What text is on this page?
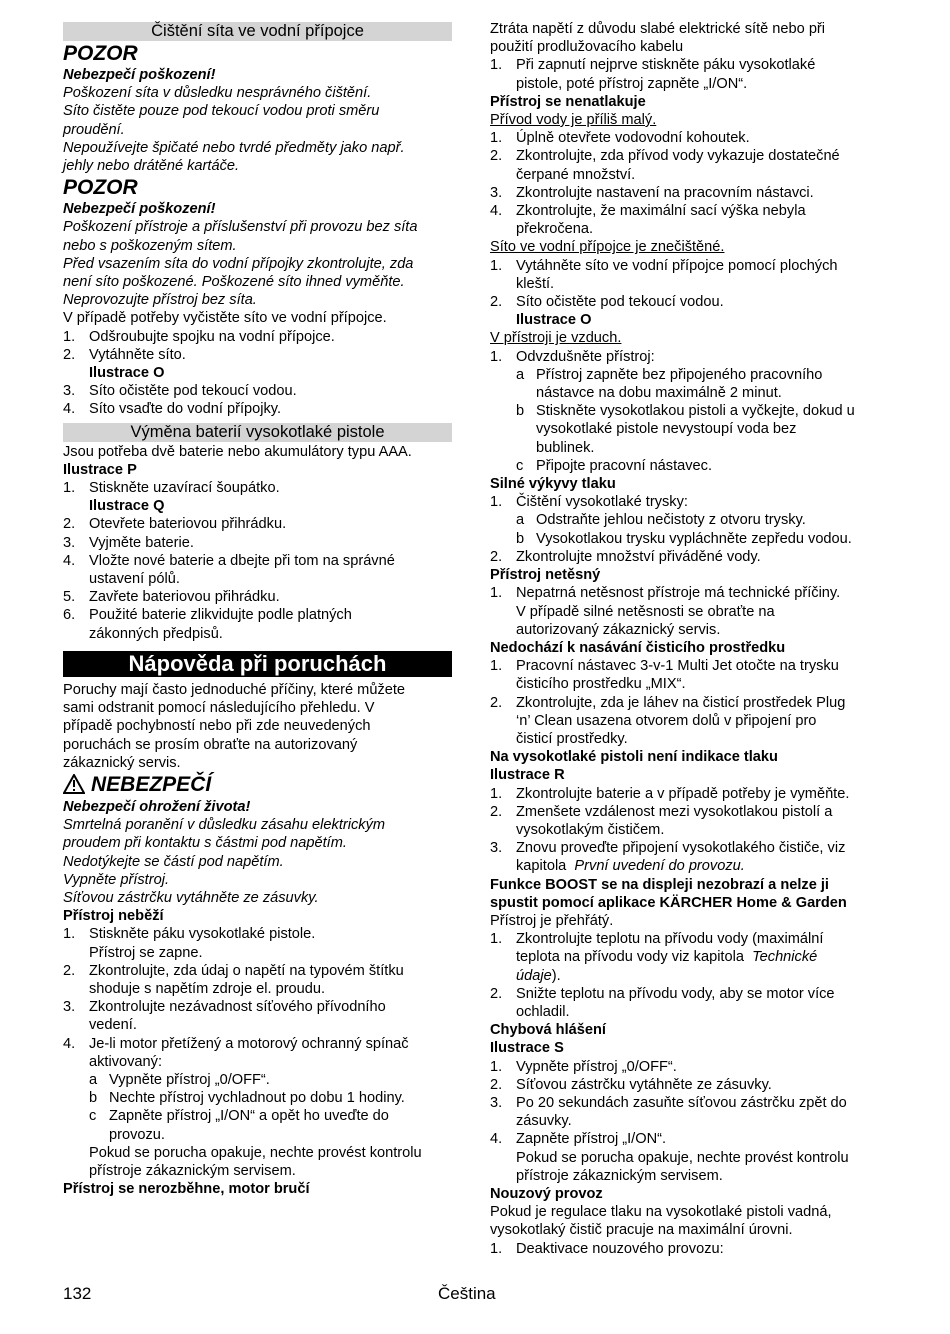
Čištění síta ve vodní přípojce
POZOR
Nebezpečí poškození!
Poškození síta v důsledku nesprávného čištění.
Síto čistěte pouze pod tekoucí vodou proti směru
proudění.
Nepoužívejte špičaté nebo tvrdé předměty jako např.
jehly nebo drátěné kartáče.
POZOR
Nebezpečí poškození!
Poškození přístroje a příslušenství při provozu bez síta
nebo s poškozeným sítem.
Před vsazením síta do vodní přípojky zkontrolujte, zda
není síto poškozené. Poškozené síto ihned vyměňte.
Neprovozujte přístroj bez síta.
V případě potřeby vyčistěte síto ve vodní přípojce.
1. Odšroubujte spojku na vodní přípojce.
2. Vytáhněte síto.
Ilustrace O
3. Síto očistěte pod tekoucí vodou.
4. Síto vsaďte do vodní přípojky.
Výměna baterií vysokotlaké pistole
Jsou potřeba dvě baterie nebo akumulátory typu AAA.
Ilustrace P
1. Stiskněte uzavírací šoupátko.
Ilustrace Q
2. Otevřete bateriovou přihrádku.
3. Vyjměte baterie.
4. Vložte nové baterie a dbejte při tom na správné
ustavení pólů.
5. Zavřete bateriovou přihrádku.
6. Použité baterie zlikvidujte podle platných
zákonných předpisů.
Nápověda při poruchách
Poruchy mají často jednoduché příčiny, které můžete
sami odstranit pomocí následujícího přehledu. V
případě pochybností nebo při zde neuvedených
poruchách se prosím obraťte na autorizovaný
zákaznický servis.
NEBEZPEČÍ
Nebezpečí ohrožení života!
Smrtelná poranění v důsledku zásahu elektrickým
proudem při kontaktu s částmi pod napětím.
Nedotýkejte se částí pod napětím.
Vypněte přístroj.
Síťovou zástrčku vytáhněte ze zásuvky.
Přístroj neběží
1. Stiskněte páku vysokotlaké pistole.
Přístroj se zapne.
2. Zkontrolujte, zda údaj o napětí na typovém štítku
shoduje s napětím zdroje el. proudu.
3. Zkontrolujte nezávadnost síťového přívodního
vedení.
4. Je-li motor přetížený a motorový ochranný spínač
aktivovaný:
a Vypněte přístroj „0/OFF“.
b Nechte přístroj vychladnout po dobu 1 hodiny.
c Zapněte přístroj „I/ON“ a opět ho uveďte do
provozu.
Pokud se porucha opakuje, nechte provést kontrolu
přístroje zákaznickým servisem.
Přístroj se nerozběhne, motor bručí
Ztráta napětí z důvodu slabé elektrické sítě nebo při
použití prodlužovacího kabelu
1. Při zapnutí nejprve stiskněte páku vysokotlaké
pistole, poté přístroj zapněte „I/ON“.
Přístroj se nenatlakuje
Přívod vody je příliš malý.
1. Úplně otevřete vodovodní kohoutek.
2. Zkontrolujte, zda přívod vody vykazuje dostatečné
čerpané množství.
3. Zkontrolujte nastavení na pracovním nástavci.
4. Zkontrolujte, že maximální sací výška nebyla
překročena.
Síto ve vodní přípojce je znečištěné.
1. Vytáhněte síto ve vodní přípojce pomocí plochých
kleští.
2. Síto očistěte pod tekoucí vodou.
Ilustrace O
V přístroji je vzduch.
1. Odvzdušněte přístroj:
a Přístroj zapněte bez připojeného pracovního
nástavce na dobu maximálně 2 minut.
b Stiskněte vysokotlakou pistoli a vyčkejte, dokud u
vysokotlaké pistole nevystoupí voda bez
bublinek.
c Připojte pracovní nástavec.
Silné výkyvy tlaku
1. Čištění vysokotlaké trysky:
a Odstraňte jehlou nečistoty z otvoru trysky.
b Vysokotlakou trysku vypláchněte zepředu vodou.
2. Zkontrolujte množství přiváděné vody.
Přístroj netěsný
1. Nepatrná netěsnost přístroje má technické příčiny.
V případě silné netěsnosti se obraťte na
autorizovaný zákaznický servis.
Nedochází k nasávání čisticího prostředku
1. Pracovní nástavec 3-v-1 Multi Jet otočte na trysku
čisticího prostředku „MIX“.
2. Zkontrolujte, zda je láhev na čisticí prostředek Plug
‘n’ Clean usazena otvorem dolů v připojení pro
čisticí prostředky.
Na vysokotlaké pistoli není indikace tlaku
Ilustrace R
1. Zkontrolujte baterie a v případě potřeby je vyměňte.
2. Zmenšete vzdálenost mezi vysokotlakou pistolí a
vysokotlakým čističem.
3. Znovu proveďte připojení vysokotlakého čističe, viz
kapitola První uvedení do provozu.
Funkce BOOST se na displeji nezobrazí a nelze ji
spustit pomocí aplikace KÄRCHER Home & Garden
Přístroj je přehřátý.
1. Zkontrolujte teplotu na přívodu vody (maximální
teplota na přívodu vody viz kapitola Technické
údaje).
2. Snižte teplotu na přívodu vody, aby se motor více
ochladil.
Chybová hlášení
Ilustrace S
1. Vypněte přístroj „0/OFF“.
2. Síťovou zástrčku vytáhněte ze zásuvky.
3. Po 20 sekundách zasuňte síťovou zástrčku zpět do
zásuvky.
4. Zapněte přístroj „I/ON“.
Pokud se porucha opakuje, nechte provést kontrolu
přístroje zákaznickým servisem.
Nouzový provoz
Pokud je regulace tlaku na vysokotlaké pistoli vadná,
vysokotlaký čistič pracuje na maximální úrovni.
1. Deaktivace nouzového provozu:
132	Čeština
